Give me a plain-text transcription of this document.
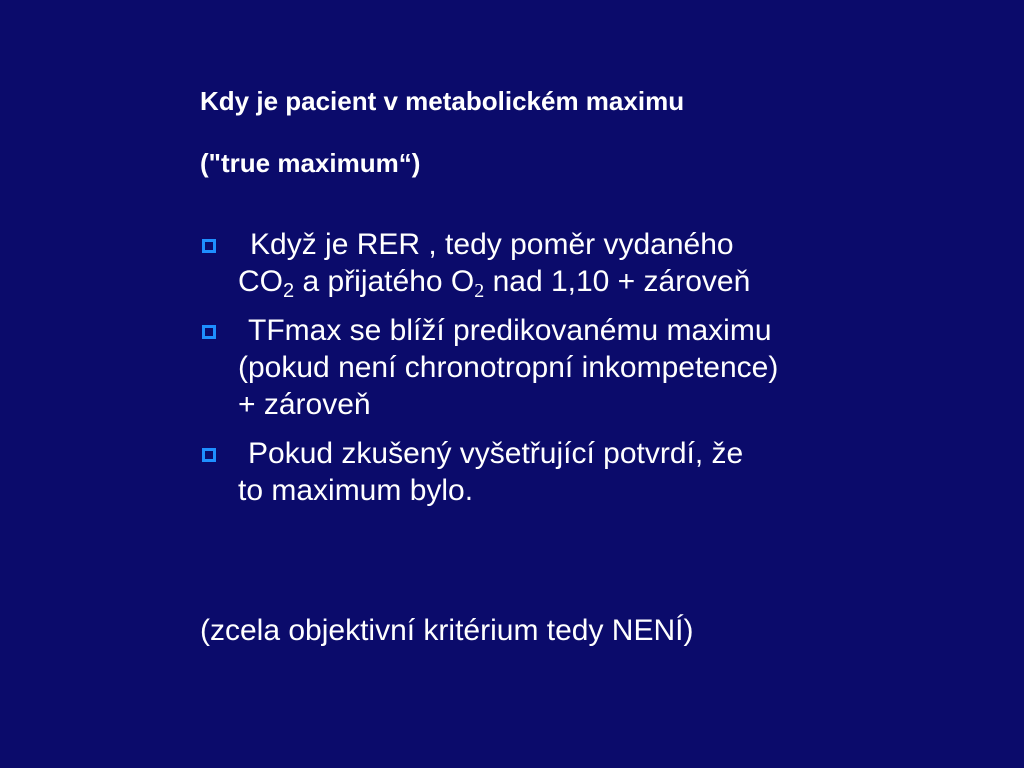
Kdy je pacient v metabolickém maximu
("true maximum“)
Když je RER , tedy poměr vydaného
$CO_2$ a přijatého $O_2$ nad 1,10 + zároveň
TFmax se blíží predikovanému maximu
(pokud není chronotropní inkompetence)
+ zároveň
Pokud zkušený vyšetřující potvrdí, že
to maximum bylo.

(zcela objektivní kritérium tedy NENÍ)
